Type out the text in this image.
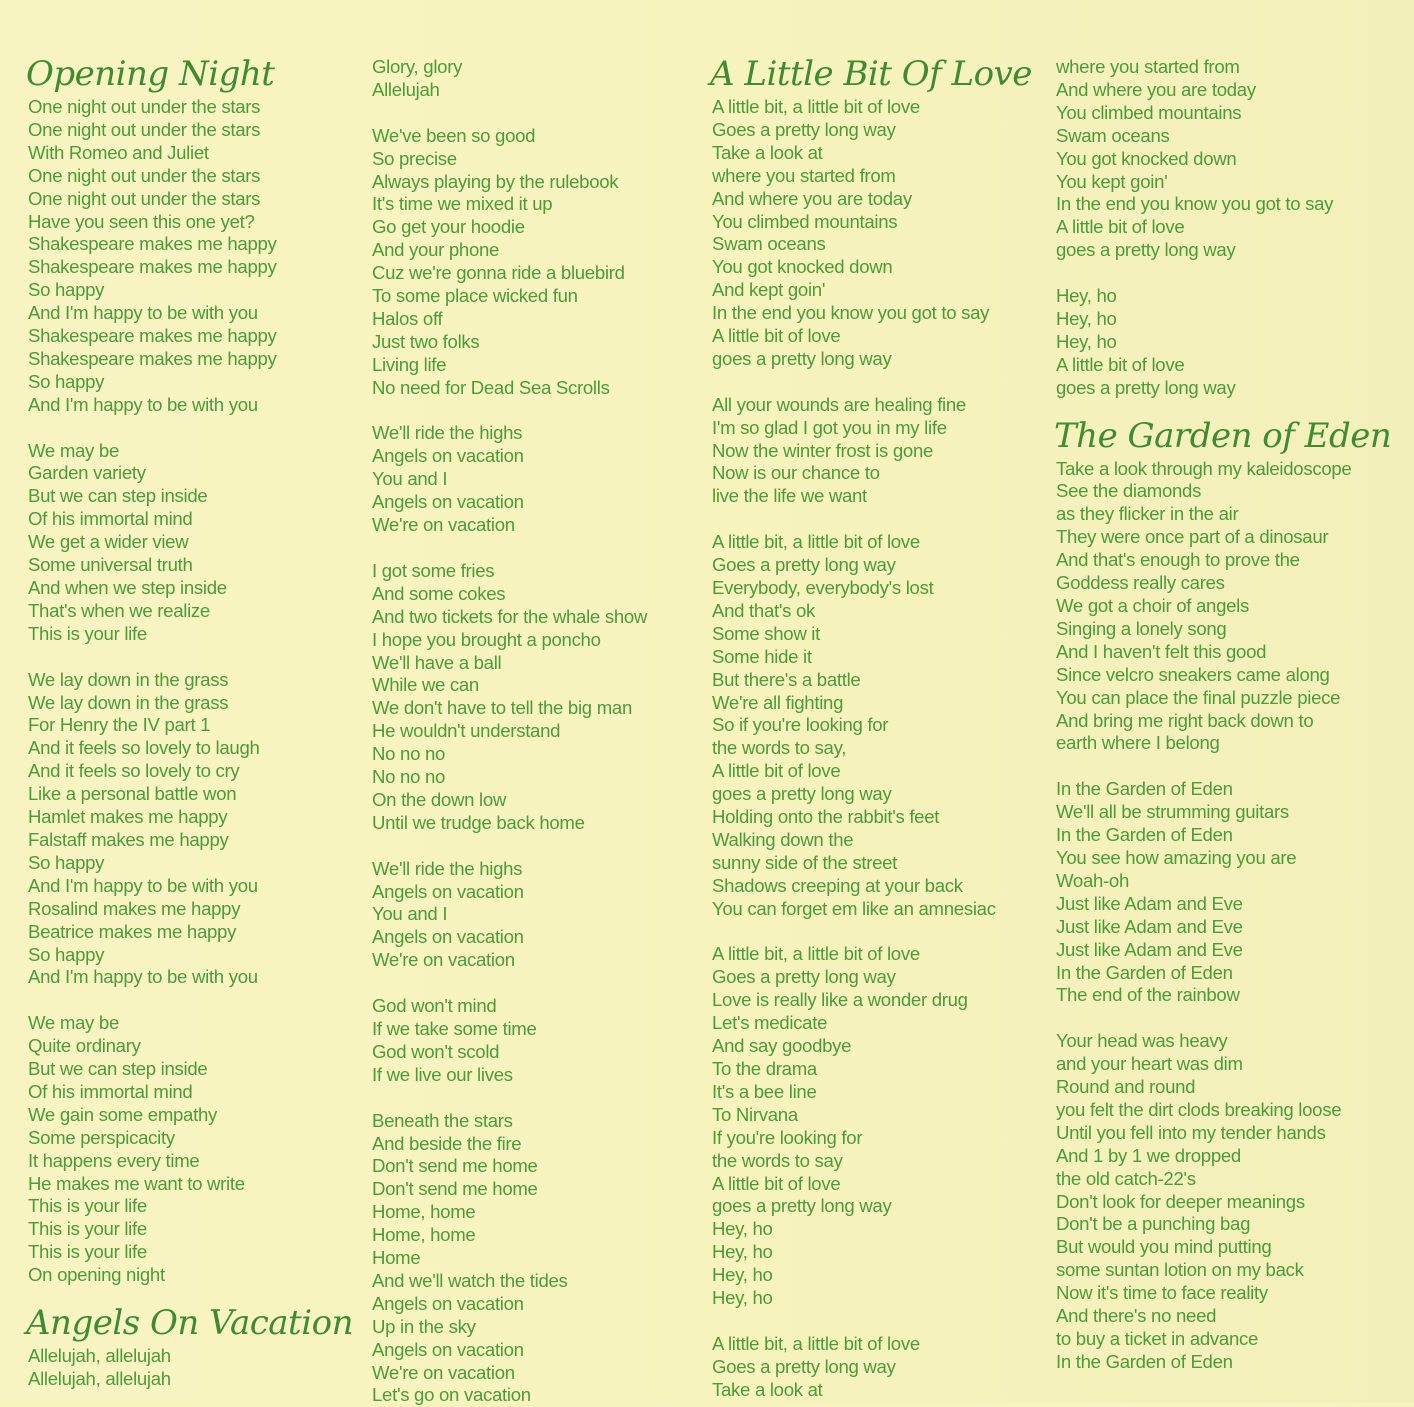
Opening Night
One night out under the stars
One night out under the stars
With Romeo and Juliet
One night out under the stars
One night out under the stars
Have you seen this one yet?
Shakespeare makes me happy
Shakespeare makes me happy
So happy
And I'm happy to be with you
Shakespeare makes me happy
Shakespeare makes me happy
So happy
And I'm happy to be with you
We may be
Garden variety
But we can step inside
Of his immortal mind
We get a wider view
Some universal truth
And when we step inside
That's when we realize
This is your life
We lay down in the grass
We lay down in the grass
For Henry the IV part 1
And it feels so lovely to laugh
And it feels so lovely to cry
Like a personal battle won
Hamlet makes me happy
Falstaff makes me happy
So happy
And I'm happy to be with you
Rosalind makes me happy
Beatrice makes me happy
So happy
And I'm happy to be with you
We may be
Quite ordinary
But we can step inside
Of his immortal mind
We gain some empathy
Some perspicacity
It happens every time
He makes me want to write
This is your life
This is your life
This is your life
On opening night
Angels On Vacation
Allelujah, allelujah
Allelujah, allelujah
Glory, glory
Allelujah
We've been so good
So precise
Always playing by the rulebook
It's time we mixed it up
Go get your hoodie
And your phone
Cuz we're gonna ride a bluebird
To some place wicked fun
Halos off
Just two folks
Living life
No need for Dead Sea Scrolls
We'll ride the highs
Angels on vacation
You and I
Angels on vacation
We're on vacation
I got some fries
And some cokes
And two tickets for the whale show
I hope you brought a poncho
We'll have a ball
While we can
We don't have to tell the big man
He wouldn't understand
No no no
No no no
On the down low
Until we trudge back home
We'll ride the highs
Angels on vacation
You and I
Angels on vacation
We're on vacation
God won't mind
If we take some time
God won't scold
If we live our lives
Beneath the stars
And beside the fire
Don't send me home
Don't send me home
Home, home
Home, home
Home
And we'll watch the tides
Angels on vacation
Up in the sky
Angels on vacation
We're on vacation
Let's go on vacation
A Little Bit Of Love
A little bit, a little bit of love
Goes a pretty long way
Take a look at
where you started from
And where you are today
You climbed mountains
Swam oceans
You got knocked down
And kept goin'
In the end you know you got to say
A little bit of love
goes a pretty long way
All your wounds are healing fine
I'm so glad I got you in my life
Now the winter frost is gone
Now is our chance to
live the life we want
A little bit, a little bit of love
Goes a pretty long way
Everybody, everybody's lost
And that's ok
Some show it
Some hide it
But there's a battle
We're all fighting
So if you're looking for
the words to say,
A little bit of love
goes a pretty long way
Holding onto the rabbit's feet
Walking down the
sunny side of the street
Shadows creeping at your back
You can forget em like an amnesiac
A little bit, a little bit of love
Goes a pretty long way
Love is really like a wonder drug
Let's medicate
And say goodbye
To the drama
It's a bee line
To Nirvana
If you're looking for
the words to say
A little bit of love
goes a pretty long way
Hey, ho
Hey, ho
Hey, ho
Hey, ho
A little bit, a little bit of love
Goes a pretty long way
Take a look at
where you started from
And where you are today
You climbed mountains
Swam oceans
You got knocked down
You kept goin'
In the end you know you got to say
A little bit of love
goes a pretty long way
Hey, ho
Hey, ho
Hey, ho
A little bit of love
goes a pretty long way
The Garden of Eden
Take a look through my kaleidoscope
See the diamonds
as they flicker in the air
They were once part of a dinosaur
And that's enough to prove the
Goddess really cares
We got a choir of angels
Singing a lonely song
And I haven't felt this good
Since velcro sneakers came along
You can place the final puzzle piece
And bring me right back down to
earth where I belong
In the Garden of Eden
We'll all be strumming guitars
In the Garden of Eden
You see how amazing you are
Woah-oh
Just like Adam and Eve
Just like Adam and Eve
Just like Adam and Eve
In the Garden of Eden
The end of the rainbow
Your head was heavy
and your heart was dim
Round and round
you felt the dirt clods breaking loose
Until you fell into my tender hands
And 1 by 1 we dropped
the old catch-22's
Don't look for deeper meanings
Don't be a punching bag
But would you mind putting
some suntan lotion on my back
Now it's time to face reality
And there's no need
to buy a ticket in advance
In the Garden of Eden
